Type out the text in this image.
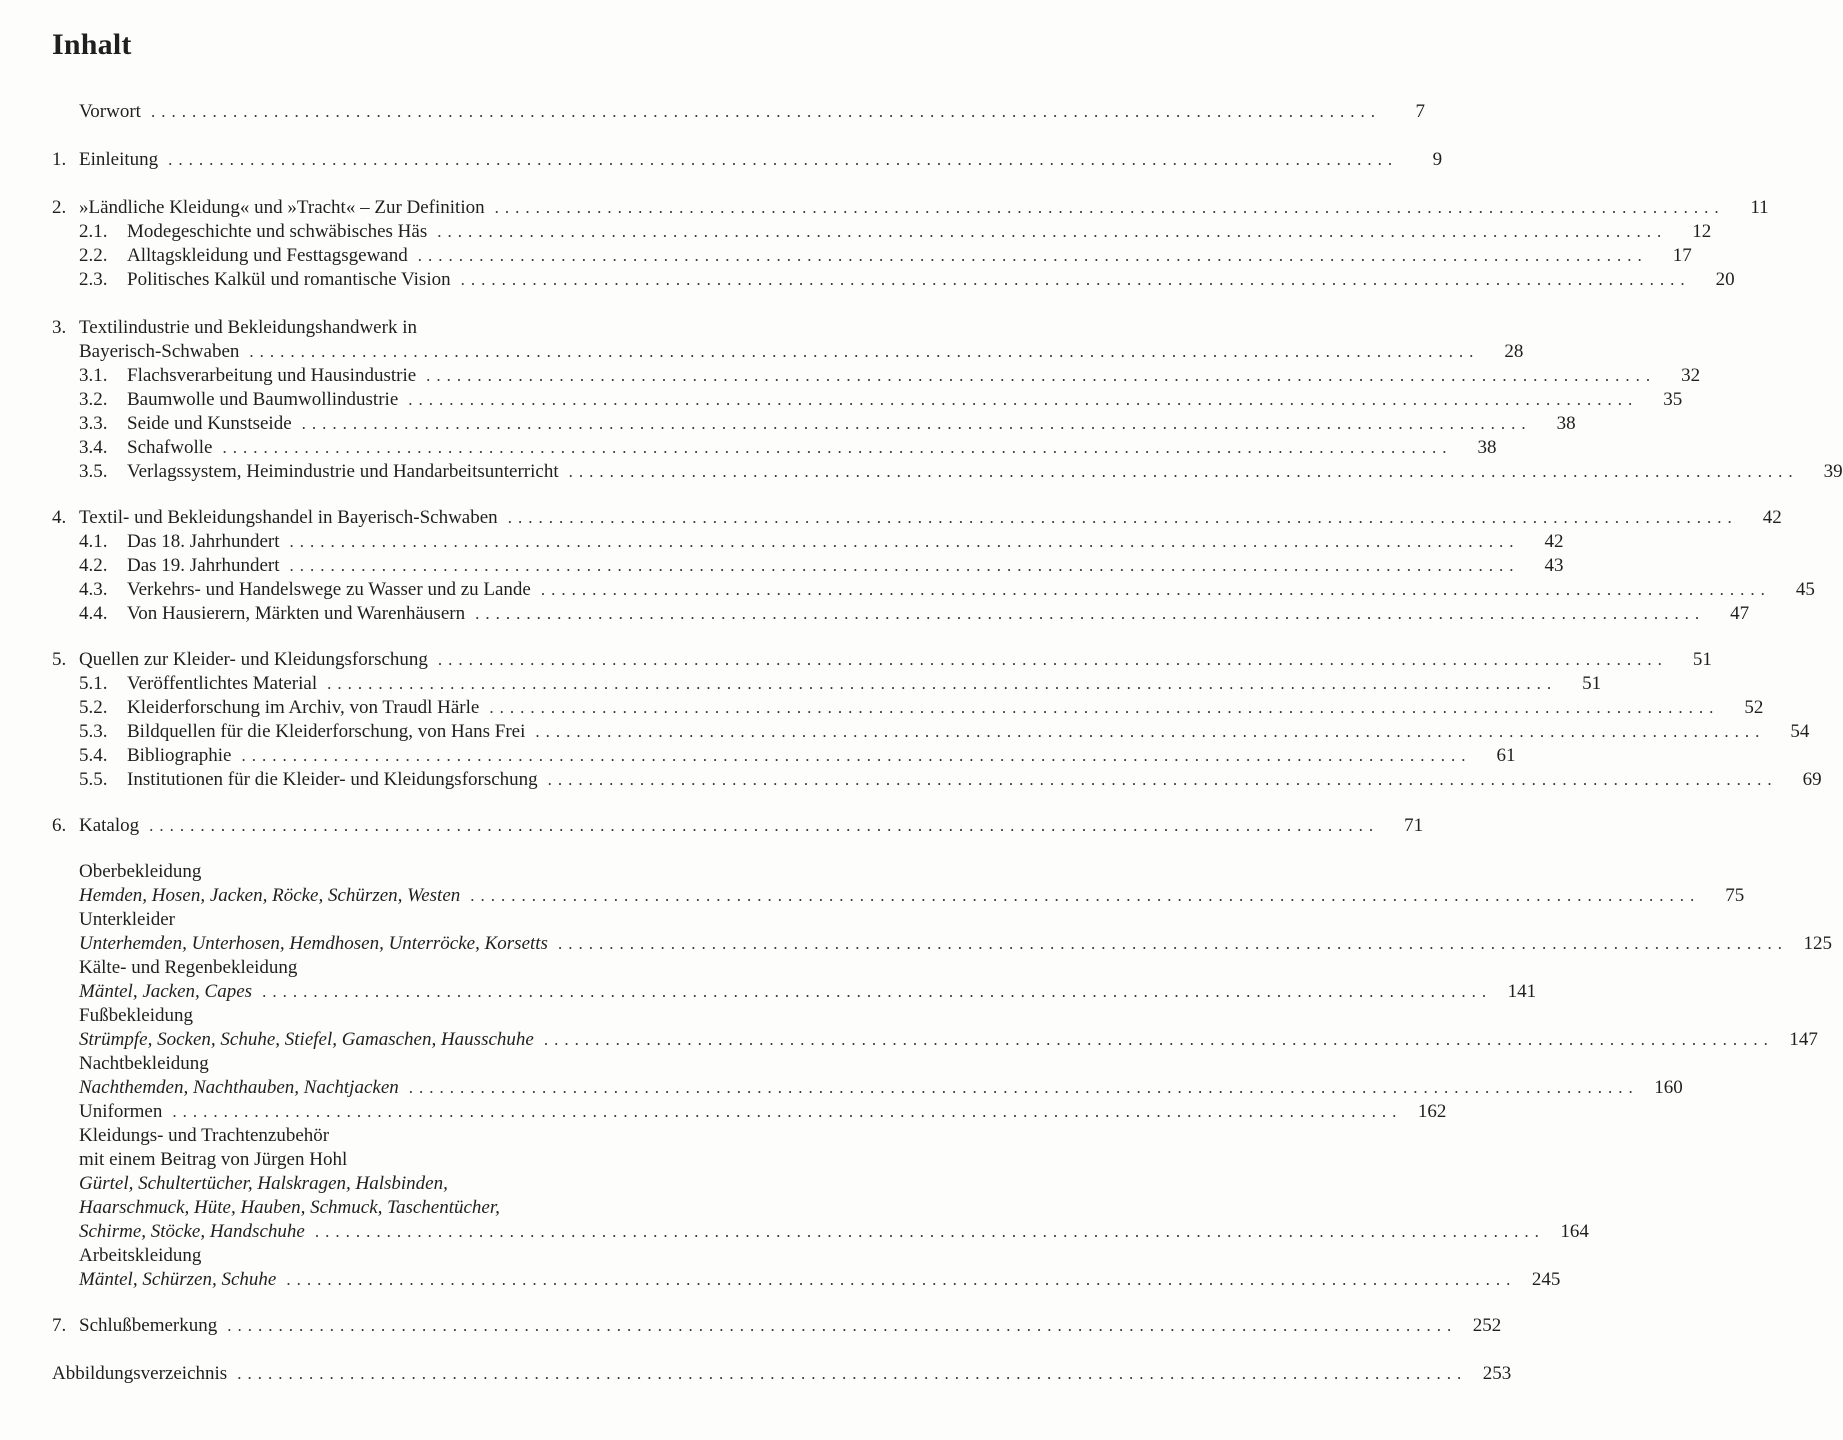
Inhalt
Vorwort ........................................................................................................................	7
1. Einleitung ........................................................................................................................	9
2. »Ländliche Kleidung« und »Tracht« – Zur Definition ........................................................................................................................	11
2.1.	Modegeschichte und schwäbisches Häs ........................................................................................................................	12
2.2.	Alltagskleidung und Festtagsgewand ........................................................................................................................	17
2.3.	Politisches Kalkül und romantische Vision ........................................................................................................................	20
3. Textilindustrie und Bekleidungshandwerk in
Bayerisch-Schwaben ........................................................................................................................	28
3.1.	Flachsverarbeitung und Hausindustrie ........................................................................................................................	32
3.2.	Baumwolle und Baumwollindustrie ........................................................................................................................	35
3.3.	Seide und Kunstseide ........................................................................................................................	38
3.4.	Schafwolle ........................................................................................................................	38
3.5.	Verlagssystem, Heimindustrie und Handarbeitsunterricht ........................................................................................................................	39
4. Textil- und Bekleidungshandel in Bayerisch-Schwaben ........................................................................................................................	42
4.1.	Das 18. Jahrhundert ........................................................................................................................	42
4.2.	Das 19. Jahrhundert ........................................................................................................................	43
4.3.	Verkehrs- und Handelswege zu Wasser und zu Lande ........................................................................................................................	45
4.4.	Von Hausierern, Märkten und Warenhäusern ........................................................................................................................	47
5. Quellen zur Kleider- und Kleidungsforschung ........................................................................................................................	51
5.1.	Veröffentlichtes Material ........................................................................................................................	51
5.2.	Kleiderforschung im Archiv, von Traudl Härle ........................................................................................................................	52
5.3.	Bildquellen für die Kleiderforschung, von Hans Frei ........................................................................................................................	54
5.4.	Bibliographie ........................................................................................................................	61
5.5.	Institutionen für die Kleider- und Kleidungsforschung ........................................................................................................................	69
6. Katalog ........................................................................................................................	71
Oberbekleidung
Hemden, Hosen, Jacken, Röcke, Schürzen, Westen ........................................................................................................................	75
Unterkleider
Unterhemden, Unterhosen, Hemdhosen, Unterröcke, Korsetts ........................................................................................................................ 125
Kälte- und Regenbekleidung
Mäntel, Jacken, Capes ........................................................................................................................ 141
Fußbekleidung
Strümpfe, Socken, Schuhe, Stiefel, Gamaschen, Hausschuhe ........................................................................................................................ 147
Nachtbekleidung
Nachthemden, Nachthauben, Nachtjacken ........................................................................................................................ 160
Uniformen ........................................................................................................................ 162
Kleidungs- und Trachtenzubehör
mit einem Beitrag von Jürgen Hohl
Gürtel, Schultertücher, Halskragen, Halsbinden,
Haarschmuck, Hüte, Hauben, Schmuck, Taschentücher,
Schirme, Stöcke, Handschuhe ........................................................................................................................ 164
Arbeitskleidung
Mäntel, Schürzen, Schuhe ........................................................................................................................ 245
7. Schlußbemerkung ........................................................................................................................ 252
Abbildungsverzeichnis ........................................................................................................................ 253
